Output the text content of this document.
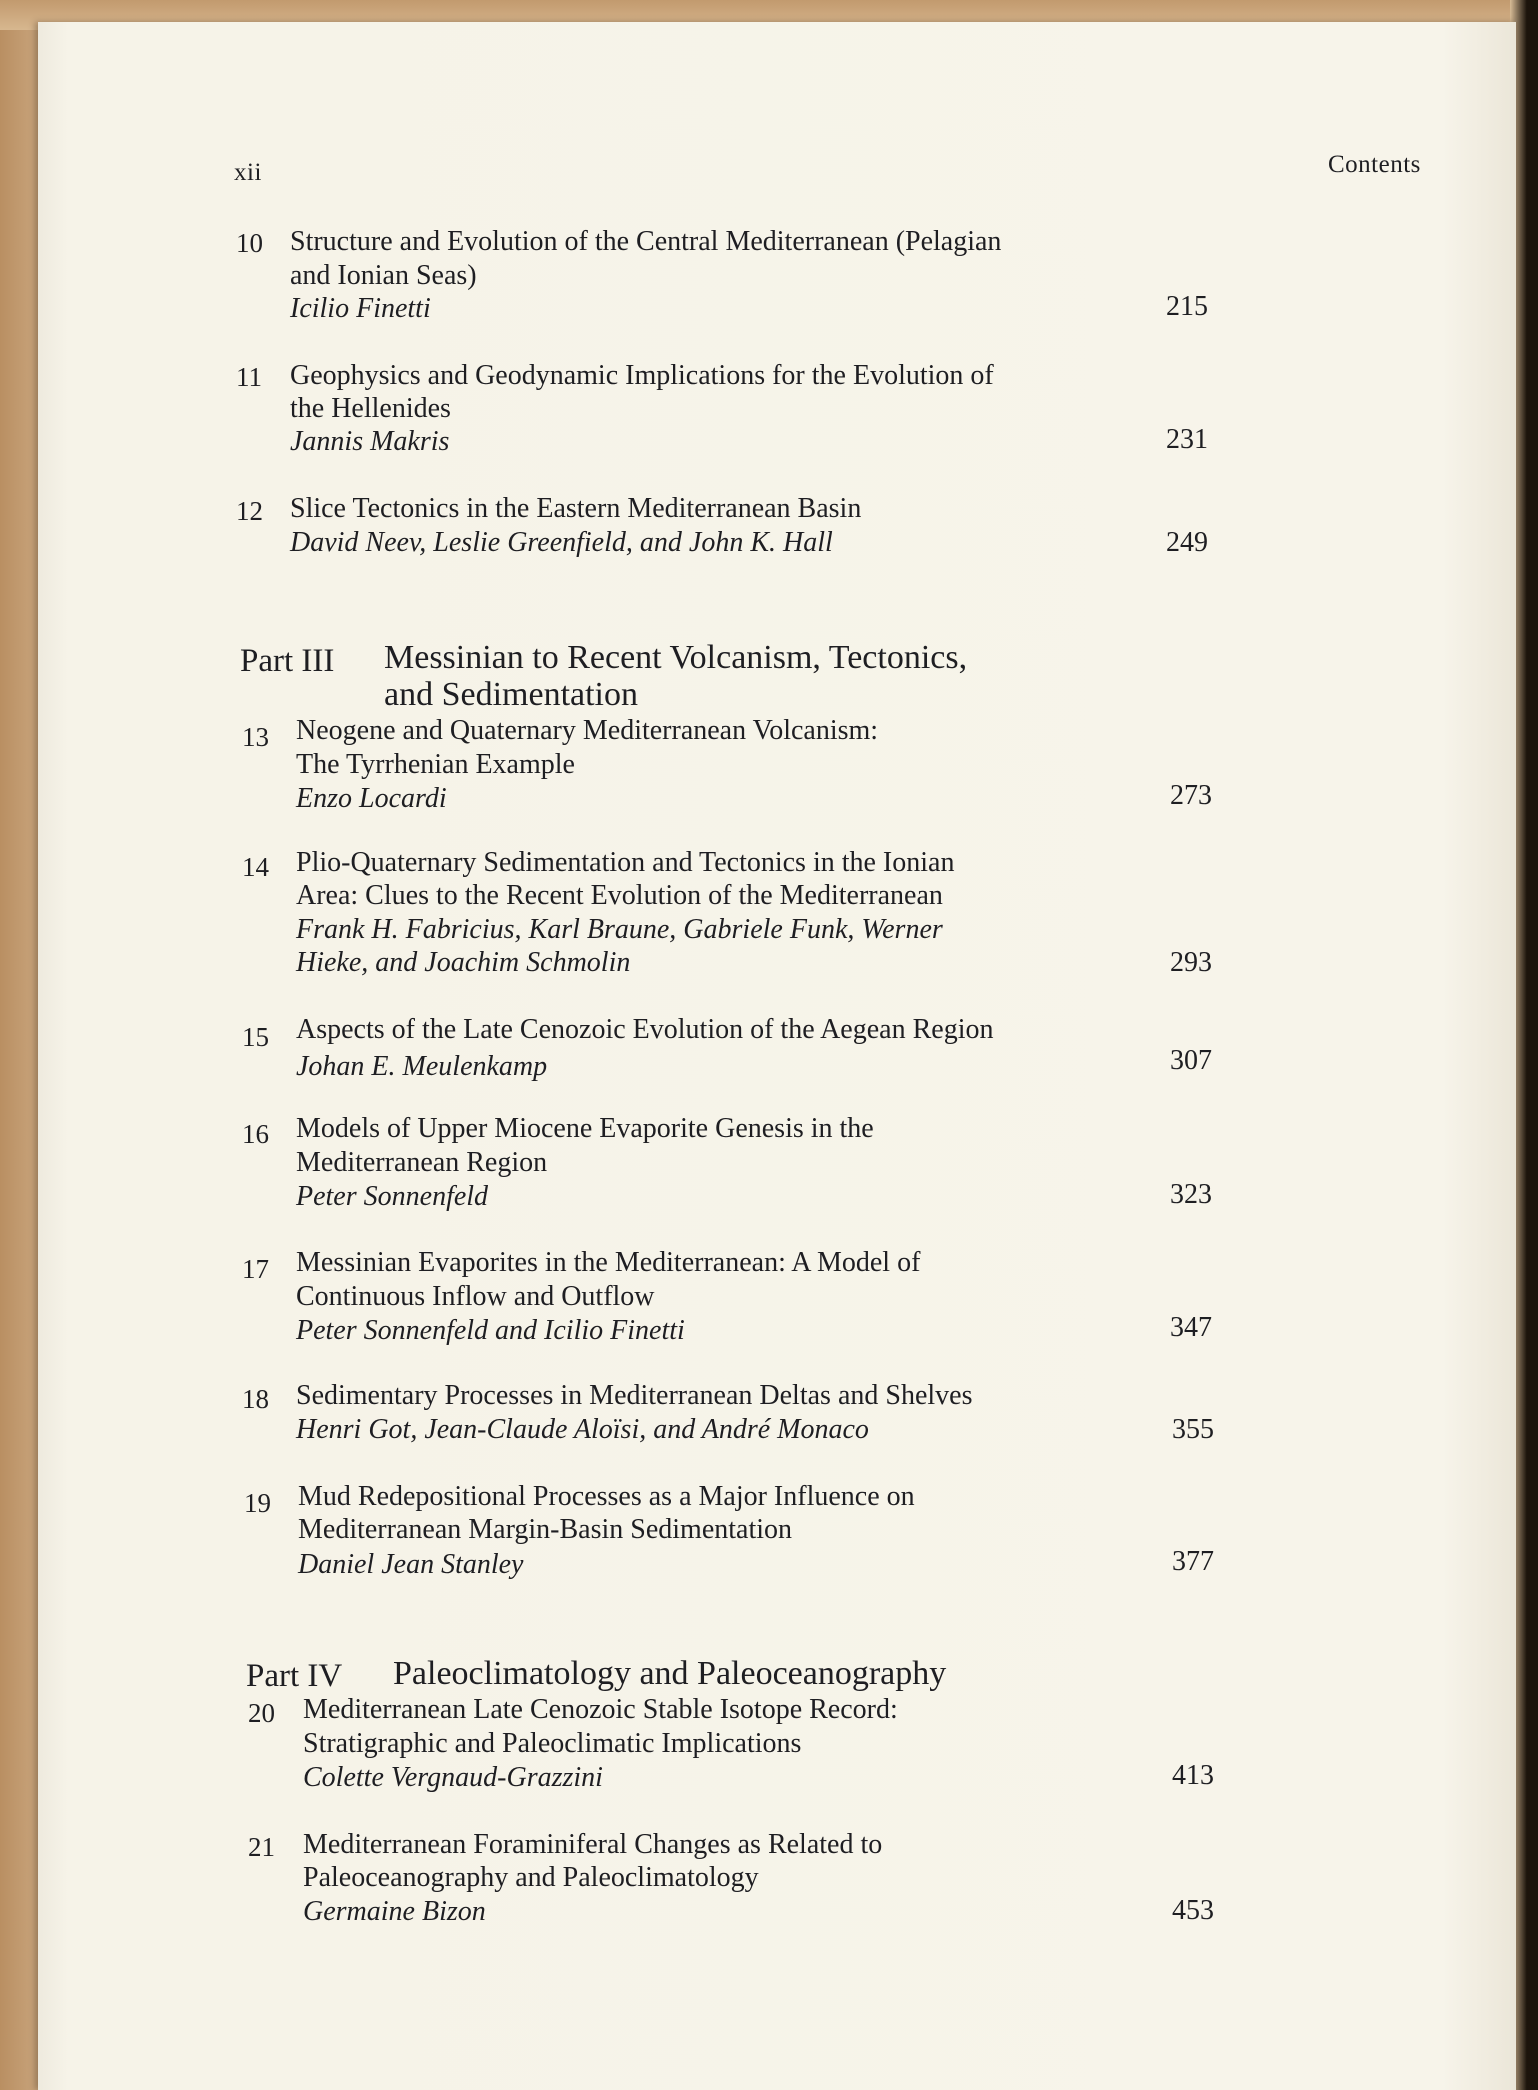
xii	Contents
10 Structure and Evolution of the Central Mediterranean (Pelagian
and Ionian Seas)
Icilio Finetti	215
11 Geophysics and Geodynamic Implications for the Evolution of
the Hellenides
Jannis Makris	231
12 Slice Tectonics in the Eastern Mediterranean Basin
David Neev, Leslie Greenfield, and John K. Hall	249
Part III Messinian to Recent Volcanism, Tectonics,
and Sedimentation
13 Neogene and Quaternary Mediterranean Volcanism:
The Tyrrhenian Example
Enzo Locardi	273
14 Plio-Quaternary Sedimentation and Tectonics in the Ionian
Area: Clues to the Recent Evolution of the Mediterranean
Frank H. Fabricius, Karl Braune, Gabriele Funk, Werner
Hieke, and Joachim Schmolin	293
15 Aspects of the Late Cenozoic Evolution of the Aegean Region
Johan E. Meulenkamp	307
16 Models of Upper Miocene Evaporite Genesis in the
Mediterranean Region
Peter Sonnenfeld	323
17 Messinian Evaporites in the Mediterranean: A Model of
Continuous Inflow and Outflow
Peter Sonnenfeld and Icilio Finetti	347
18 Sedimentary Processes in Mediterranean Deltas and Shelves
Henri Got, Jean-Claude Aloïsi, and André Monaco	355
19 Mud Redepositional Processes as a Major Influence on
Mediterranean Margin-Basin Sedimentation
Daniel Jean Stanley	377
Part IV Paleoclimatology and Paleoceanography
20 Mediterranean Late Cenozoic Stable Isotope Record:
Stratigraphic and Paleoclimatic Implications
Colette Vergnaud-Grazzini	413
21 Mediterranean Foraminiferal Changes as Related to
Paleoceanography and Paleoclimatology
Germaine Bizon	453
